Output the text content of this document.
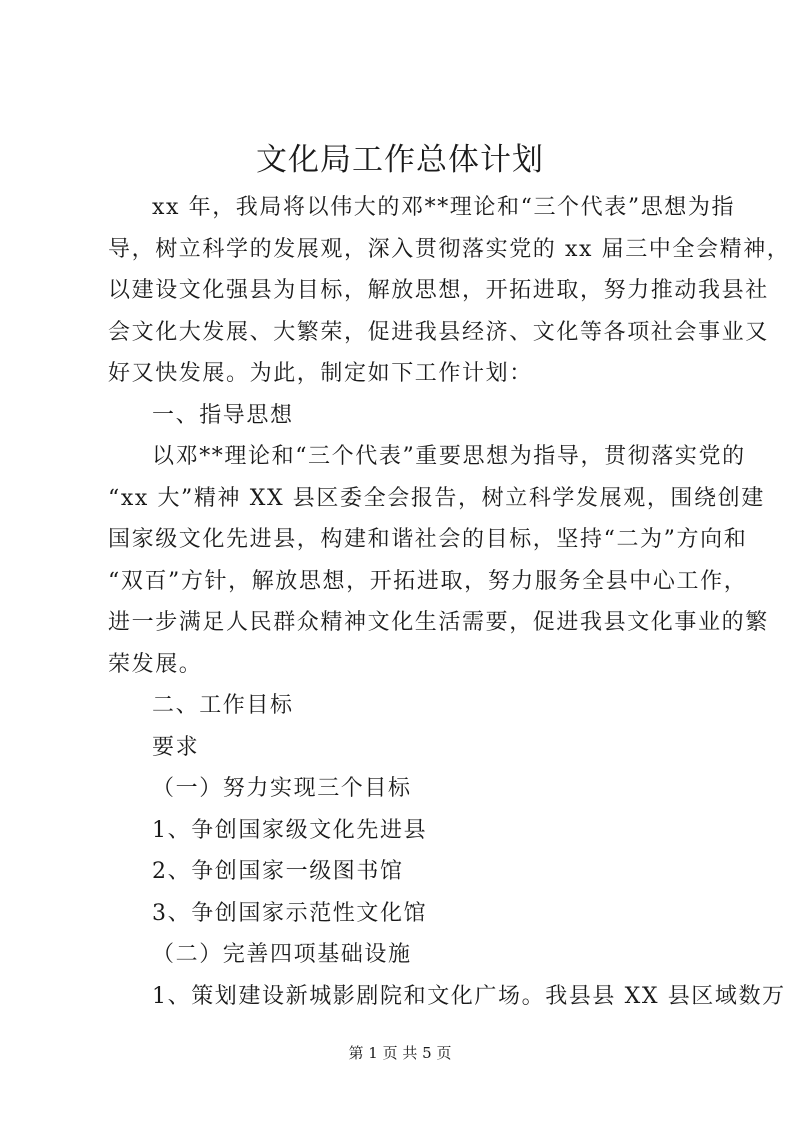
文化局工作总体计划
xx 年，我局将以伟大的邓**理论和“三个代表”思想为指
导，树立科学的发展观，深入贯彻落实党的 xx 届三中全会精神，
以建设文化强县为目标，解放思想，开拓进取，努力推动我县社
会文化大发展、大繁荣，促进我县经济、文化等各项社会事业又
好又快发展。为此，制定如下工作计划：
一、指导思想
以邓**理论和“三个代表”重要思想为指导，贯彻落实党的
“xx 大”精神 XX 县区委全会报告，树立科学发展观，围绕创建
国家级文化先进县，构建和谐社会的目标，坚持“二为”方向和
“双百”方针，解放思想，开拓进取，努力服务全县中心工作，
进一步满足人民群众精神文化生活需要，促进我县文化事业的繁
荣发展。
二、工作目标
要求
（一）努力实现三个目标
1、争创国家级文化先进县
2、争创国家一级图书馆
3、争创国家示范性文化馆
（二）完善四项基础设施
1、策划建设新城影剧院和文化广场。我县县 XX 县区域数万
第 1 页 共 5 页
